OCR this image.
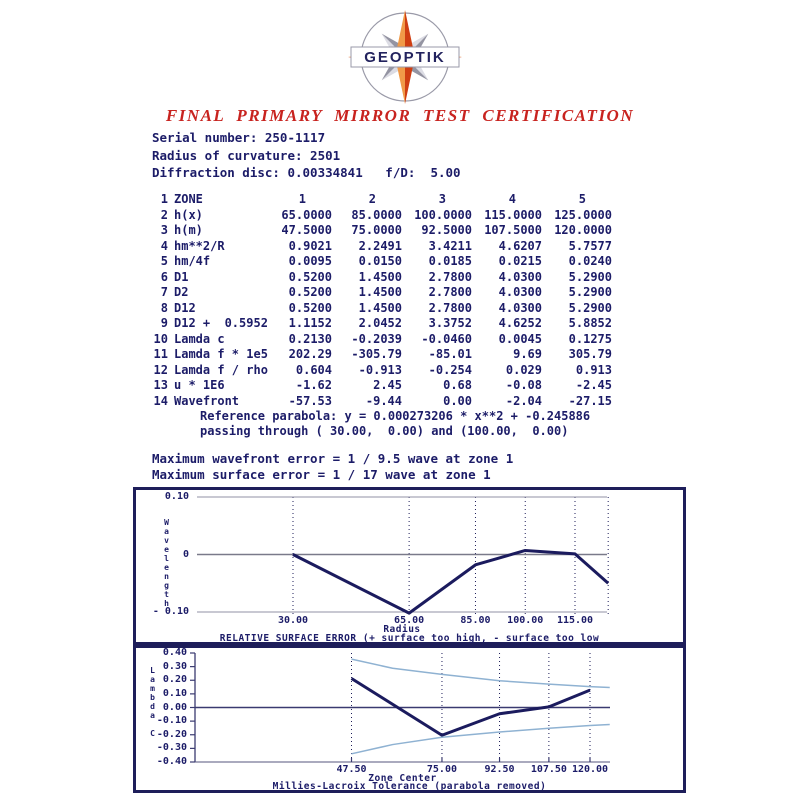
GEOPTIK
FINAL PRIMARY MIRROR TEST CERTIFICATION
Serial number: 250-1117
Radius of curvature: 2501
Diffraction disc: 0.00334841   f/D:  5.00
1 ZONE	1	2	3	4	5
2 h(x)	65.0000	85.0000	100.0000	115.0000	125.0000
3 h(m)	47.5000	75.0000	92.5000	107.5000	120.0000
4 hm**2/R	0.9021	2.2491	3.4211	4.6207	5.7577
5 hm/4f	0.0095	0.0150	0.0185	0.0215	0.0240
6 D1	0.5200	1.4500	2.7800	4.0300	5.2900
7 D2	0.5200	1.4500	2.7800	4.0300	5.2900
8 D12	0.5200	1.4500	2.7800	4.0300	5.2900
9 D12 +  0.5952	1.1152	2.0452	3.3752	4.6252	5.8852
10 Lamda c	0.2130	-0.2039	-0.0460	0.0045	0.1275
11 Lamda f * 1e5	202.29	-305.79	-85.01	9.69	305.79
12 Lamda f / rho	0.604	-0.913	-0.254	0.029	0.913
13 u * 1E6	-1.62	2.45	0.68	-0.08	-2.45
14 Wavefront	-57.53	-9.44	0.00	-2.04	-27.15
Reference parabola: y = 0.000273206 * x**2 + -0.245886
passing through ( 30.00,  0.00) and (100.00,  0.00)
Maximum wavefront error = 1 / 9.5 wave at zone 1
Maximum surface error = 1 / 17 wave at zone 1
0.10
0
- 0.10
30.00	65.00	85.00	100.00	115.00
Radius
RELATIVE SURFACE ERROR (+ surface too high, - surface too low
Wavelength
0.40
0.30
0.20
0.10
0.00
-0.10
-0.20
-0.30
-0.40
47.50	75.00	92.50	107.50 120.00
Zone Center
Millies-Lacroix Tolerance (parabola removed)
Lambda C
